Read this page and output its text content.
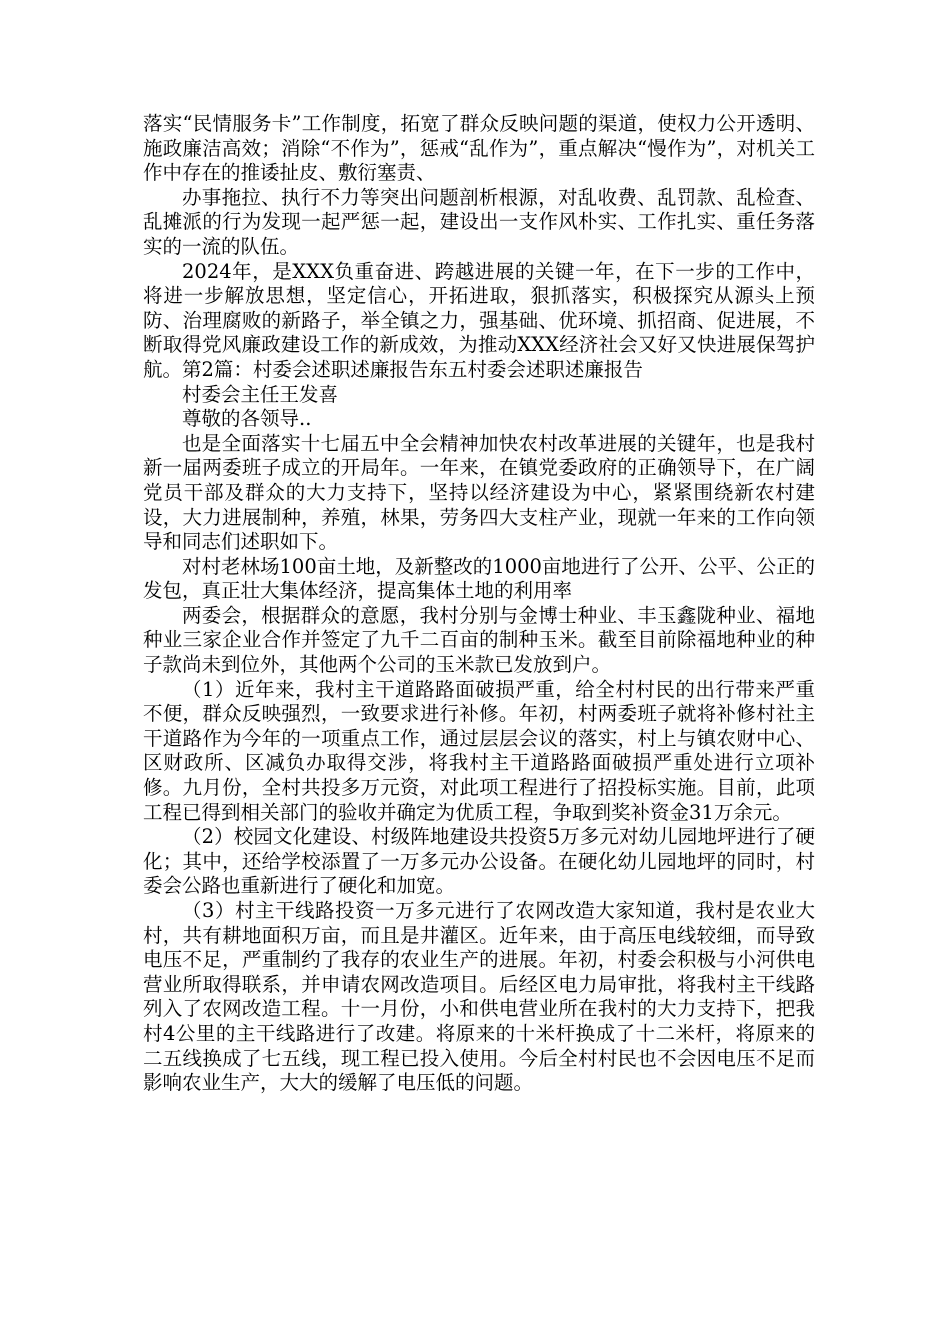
落实“民情服务卡”工作制度，拓宽了群众反映问题的渠道，使权力公开透明、施政廉洁高效；消除“不作为”，惩戒“乱作为”，重点解决“慢作为”，对机关工作中存在的推诿扯皮、敷衍塞责、

办事拖拉、执行不力等突出问题剖析根源，对乱收费、乱罚款、乱检查、乱摊派的行为发现一起严惩一起，建设出一支作风朴实、工作扎实、重任务落实的一流的队伍。

2024年，是XXX负重奋进、跨越进展的关键一年，在下一步的工作中，将进一步解放思想，坚定信心，开拓进取，狠抓落实，积极探究从源头上预防、治理腐败的新路子，举全镇之力，强基础、优环境、抓招商、促进展，不断取得党风廉政建设工作的新成效，为推动XXX经济社会又好又快进展保驾护航。第2篇：村委会述职述廉报告东五村委会述职述廉报告

村委会主任王发喜

尊敬的各领导..

也是全面落实十七届五中全会精神加快农村改革进展的关键年，也是我村新一届两委班子成立的开局年。一年来，在镇党委政府的正确领导下，在广阔党员干部及群众的大力支持下，坚持以经济建设为中心，紧紧围绕新农村建设，大力进展制种，养殖，林果，劳务四大支柱产业，现就一年来的工作向领导和同志们述职如下。

对村老林场100亩土地，及新整改的1000亩地进行了公开、公平、公正的发包，真正壮大集体经济，提高集体土地的利用率

两委会，根据群众的意愿，我村分别与金博士种业、丰玉鑫陇种业、福地种业三家企业合作并签定了九千二百亩的制种玉米。截至目前除福地种业的种子款尚未到位外，其他两个公司的玉米款已发放到户。

（1）近年来，我村主干道路路面破损严重，给全村村民的出行带来严重不便，群众反映强烈，一致要求进行补修。年初，村两委班子就将补修村社主干道路作为今年的一项重点工作，通过层层会议的落实，村上与镇农财中心、区财政所、区减负办取得交涉，将我村主干道路路面破损严重处进行立项补修。九月份，全村共投多万元资，对此项工程进行了招投标实施。目前，此项工程已得到相关部门的验收并确定为优质工程，争取到奖补资金31万余元。

（2）校园文化建设、村级阵地建设共投资5万多元对幼儿园地坪进行了硬化；其中，还给学校添置了一万多元办公设备。在硬化幼儿园地坪的同时，村委会公路也重新进行了硬化和加宽。

（3）村主干线路投资一万多元进行了农网改造大家知道，我村是农业大村，共有耕地面积万亩，而且是井灌区。近年来，由于高压电线较细，而导致电压不足，严重制约了我存的农业生产的进展。年初，村委会积极与小河供电营业所取得联系，并申请农网改造项目。后经区电力局审批，将我村主干线路列入了农网改造工程。十一月份，小和供电营业所在我村的大力支持下，把我村4公里的主干线路进行了改建。将原来的十米杆换成了十二米杆，将原来的二五线换成了七五线，现工程已投入使用。今后全村村民也不会因电压不足而影响农业生产，大大的缓解了电压低的问题。
